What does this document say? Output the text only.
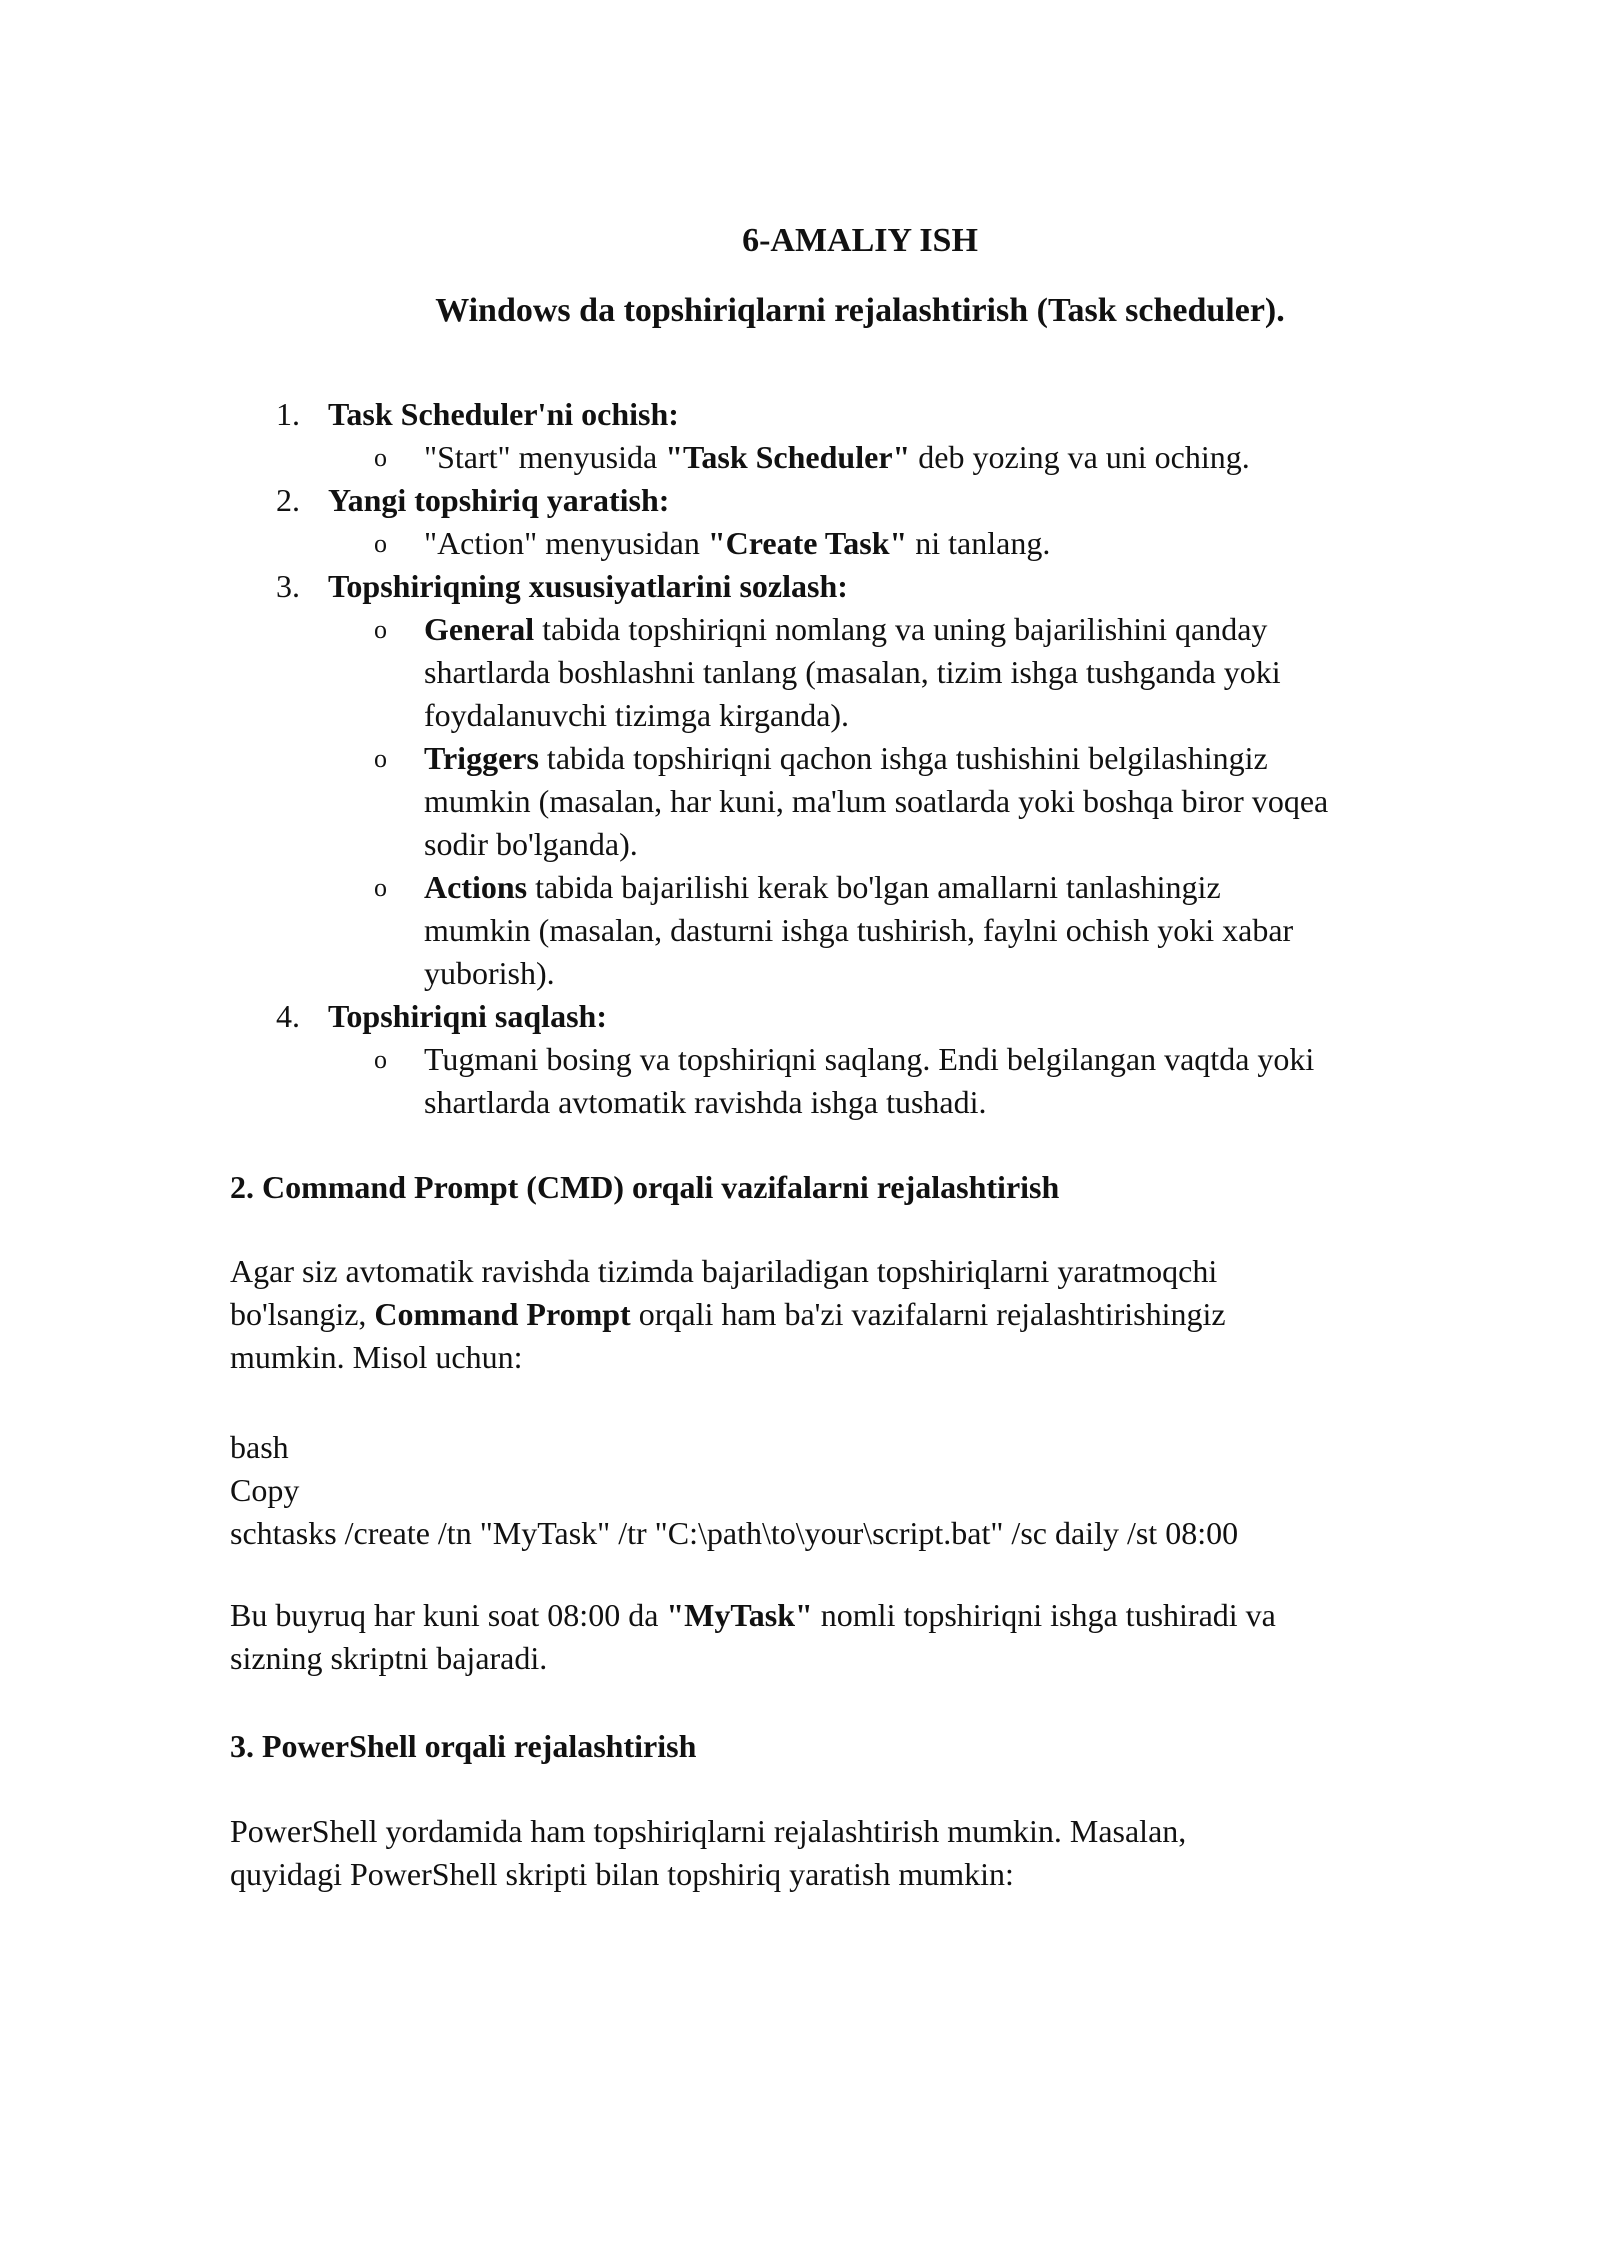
6-AMALIY ISH
Windows da topshiriqlarni rejalashtirish (Task scheduler).
1. Task Scheduler'ni ochish:
o "Start" menyusida "Task Scheduler" deb yozing va uni oching.
2. Yangi topshiriq yaratish:
o "Action" menyusidan "Create Task" ni tanlang.
3. Topshiriqning xususiyatlarini sozlash:
o General tabida topshiriqni nomlang va uning bajarilishini qanday
shartlarda boshlashni tanlang (masalan, tizim ishga tushganda yoki
foydalanuvchi tizimga kirganda).
o Triggers tabida topshiriqni qachon ishga tushishini belgilashingiz
mumkin (masalan, har kuni, ma'lum soatlarda yoki boshqa biror voqea
sodir bo'lganda).
o Actions tabida bajarilishi kerak bo'lgan amallarni tanlashingiz
mumkin (masalan, dasturni ishga tushirish, faylni ochish yoki xabar
yuborish).
4. Topshiriqni saqlash:
o Tugmani bosing va topshiriqni saqlang. Endi belgilangan vaqtda yoki
shartlarda avtomatik ravishda ishga tushadi.
2. Command Prompt (CMD) orqali vazifalarni rejalashtirish
Agar siz avtomatik ravishda tizimda bajariladigan topshiriqlarni yaratmoqchi
bo'lsangiz, Command Prompt orqali ham ba'zi vazifalarni rejalashtirishingiz
mumkin. Misol uchun:
bash
Copy
schtasks /create /tn "MyTask" /tr "C:\path\to\your\script.bat" /sc daily /st 08:00
Bu buyruq har kuni soat 08:00 da "MyTask" nomli topshiriqni ishga tushiradi va
sizning skriptni bajaradi.
3. PowerShell orqali rejalashtirish
PowerShell yordamida ham topshiriqlarni rejalashtirish mumkin. Masalan,
quyidagi PowerShell skripti bilan topshiriq yaratish mumkin:
